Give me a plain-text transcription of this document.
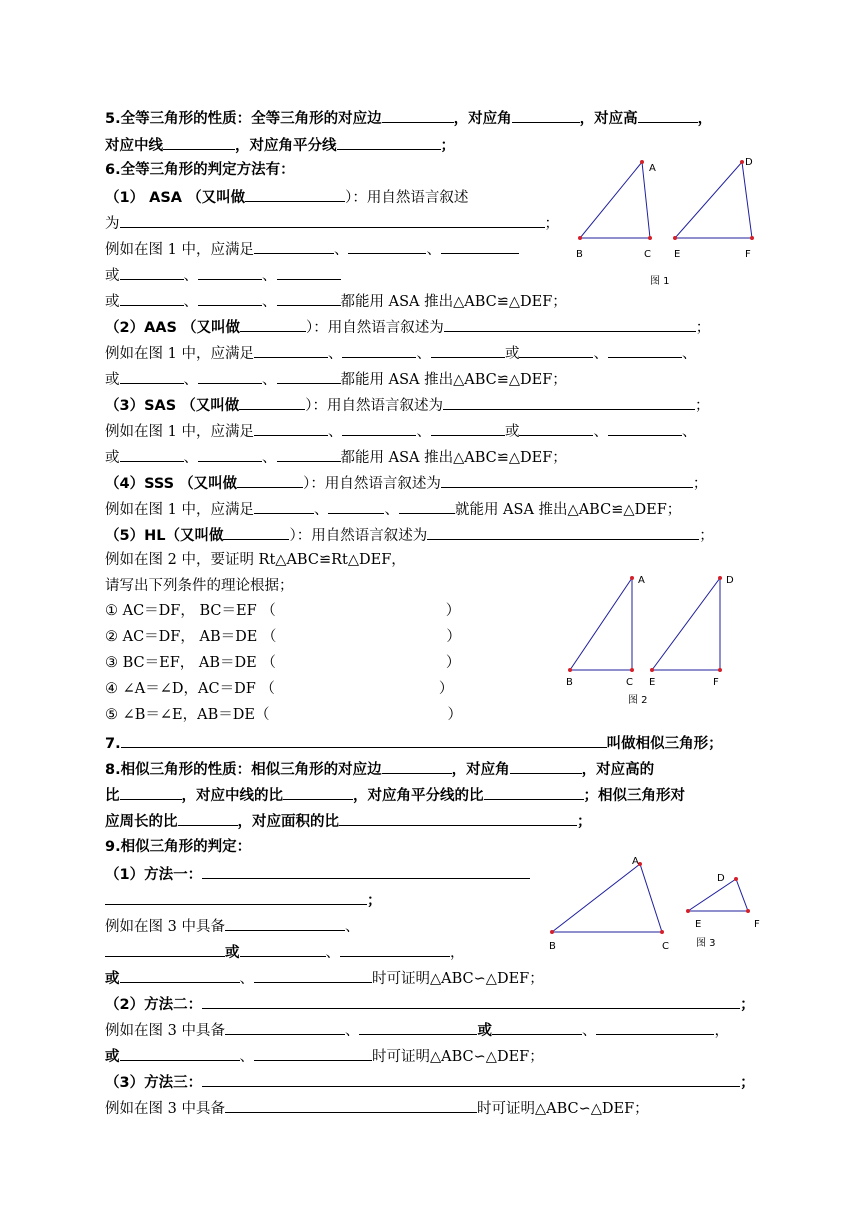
5.全等三角形的性质：全等三角形的对应边	，对应角	，对应高	，
对应中线	，对应角平分线	；
6.全等三角形的判定方法有：
（1） ASA （又叫做	）：用自然语言叙述
为	；
例如在图 1 中，应满足	、	、
或	、	、
或	、	、	都能用 ASA 推出△ABC≌△DEF；
（2）AAS （又叫做	）：用自然语言叙述为	；
例如在图 1 中，应满足	、	、	或	、	、
或	、	、	都能用 ASA 推出△ABC≌△DEF；
（3）SAS （又叫做	）：用自然语言叙述为	；
例如在图 1 中，应满足	、	、	或	、	、
或	、	、	都能用 ASA 推出△ABC≌△DEF；
（4）SSS （又叫做	）：用自然语言叙述为	；
例如在图 1 中，应满足	、	、	就能用 ASA 推出△ABC≌△DEF；
（5）HL（又叫做	）：用自然语言叙述为	；
例如在图 2 中，要证明 Rt△ABC≌Rt△DEF，
请写出下列条件的理论根据；
① AC＝DF， BC＝EF （	）
② AC＝DF， AB＝DE （	）
③ BC＝EF， AB＝DE （	）
④ ∠A＝∠D，AC＝DF （	）
⑤ ∠B＝∠E，AB＝DE（	）
7.	叫做相似三角形；
8.相似三角形的性质：相似三角形的对应边	，对应角	，对应高的
比	，对应中线的比	，对应角平分线的比	；相似三角形对
应周长的比	，对应面积的比	；
9.相似三角形的判定：
（1）方法一：
；
例如在图 3 中具备	、
或	、	，
或	、	时可证明△ABC∽△DEF；
（2）方法二：	；
例如在图 3 中具备	、	或	、	，
或	、	时可证明△ABC∽△DEF；
（3）方法三：	；
例如在图 3 中具备	时可证明△ABC∽△DEF；
A
B	C
D
E	F
图 1
A
B	C
D
E	F
图 2
A
B	C
D
E	F
图 3
